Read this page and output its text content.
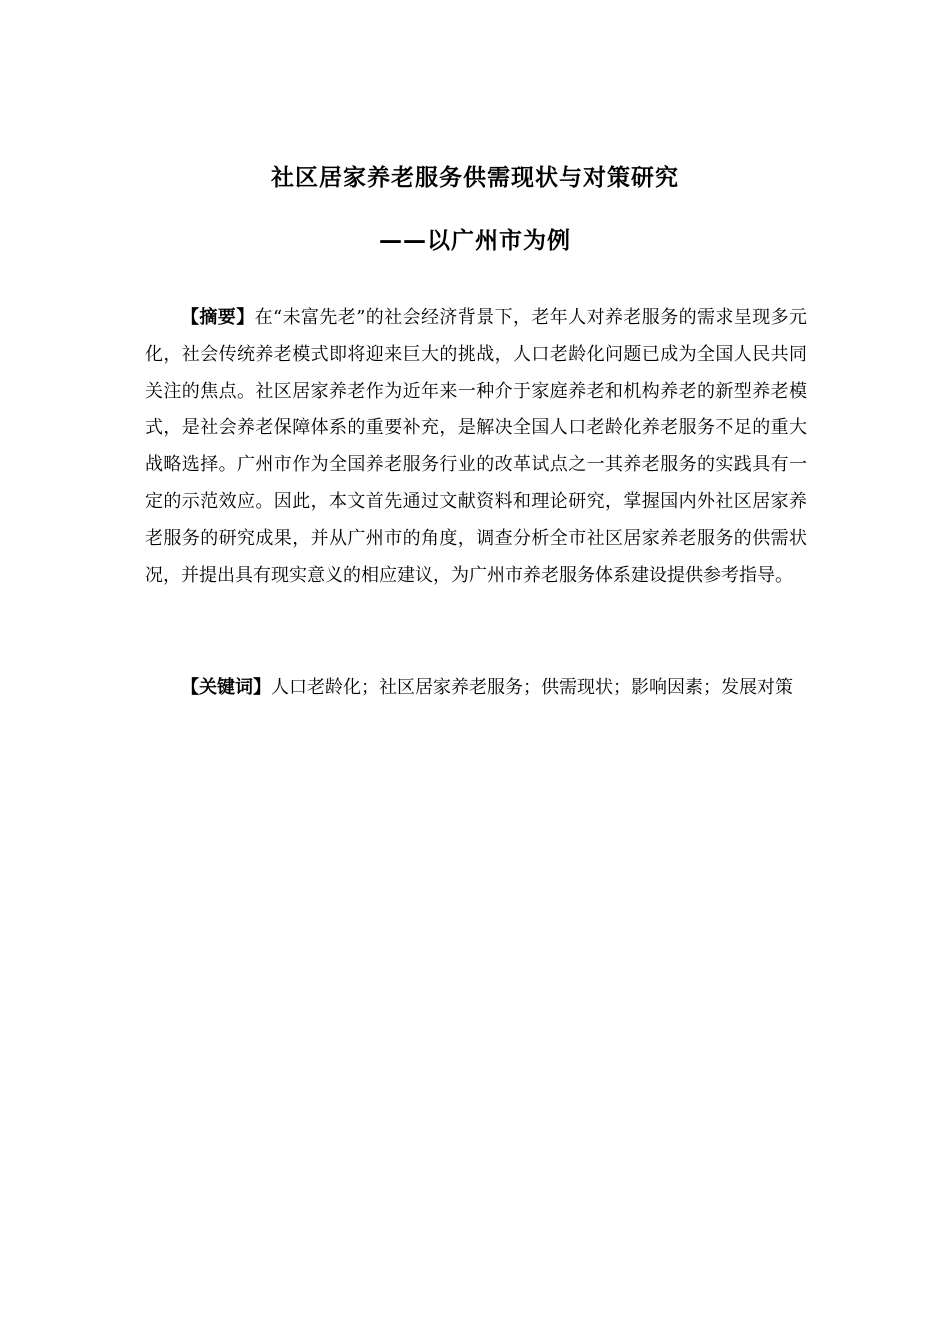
社区居家养老服务供需现状与对策研究
——以广州市为例

【摘要】在“未富先老”的社会经济背景下，老年人对养老服务的需求呈现多元化，社会传统养老模式即将迎来巨大的挑战，人口老龄化问题已成为全国人民共同关注的焦点。社区居家养老作为近年来一种介于家庭养老和机构养老的新型养老模式，是社会养老保障体系的重要补充，是解决全国人口老龄化养老服务不足的重大战略选择。广州市作为全国养老服务行业的改革试点之一其养老服务的实践具有一定的示范效应。因此，本文首先通过文献资料和理论研究，掌握国内外社区居家养老服务的研究成果，并从广州市的角度，调查分析全市社区居家养老服务的供需状况，并提出具有现实意义的相应建议，为广州市养老服务体系建设提供参考指导。

【关键词】人口老龄化；社区居家养老服务；供需现状；影响因素；发展对策
